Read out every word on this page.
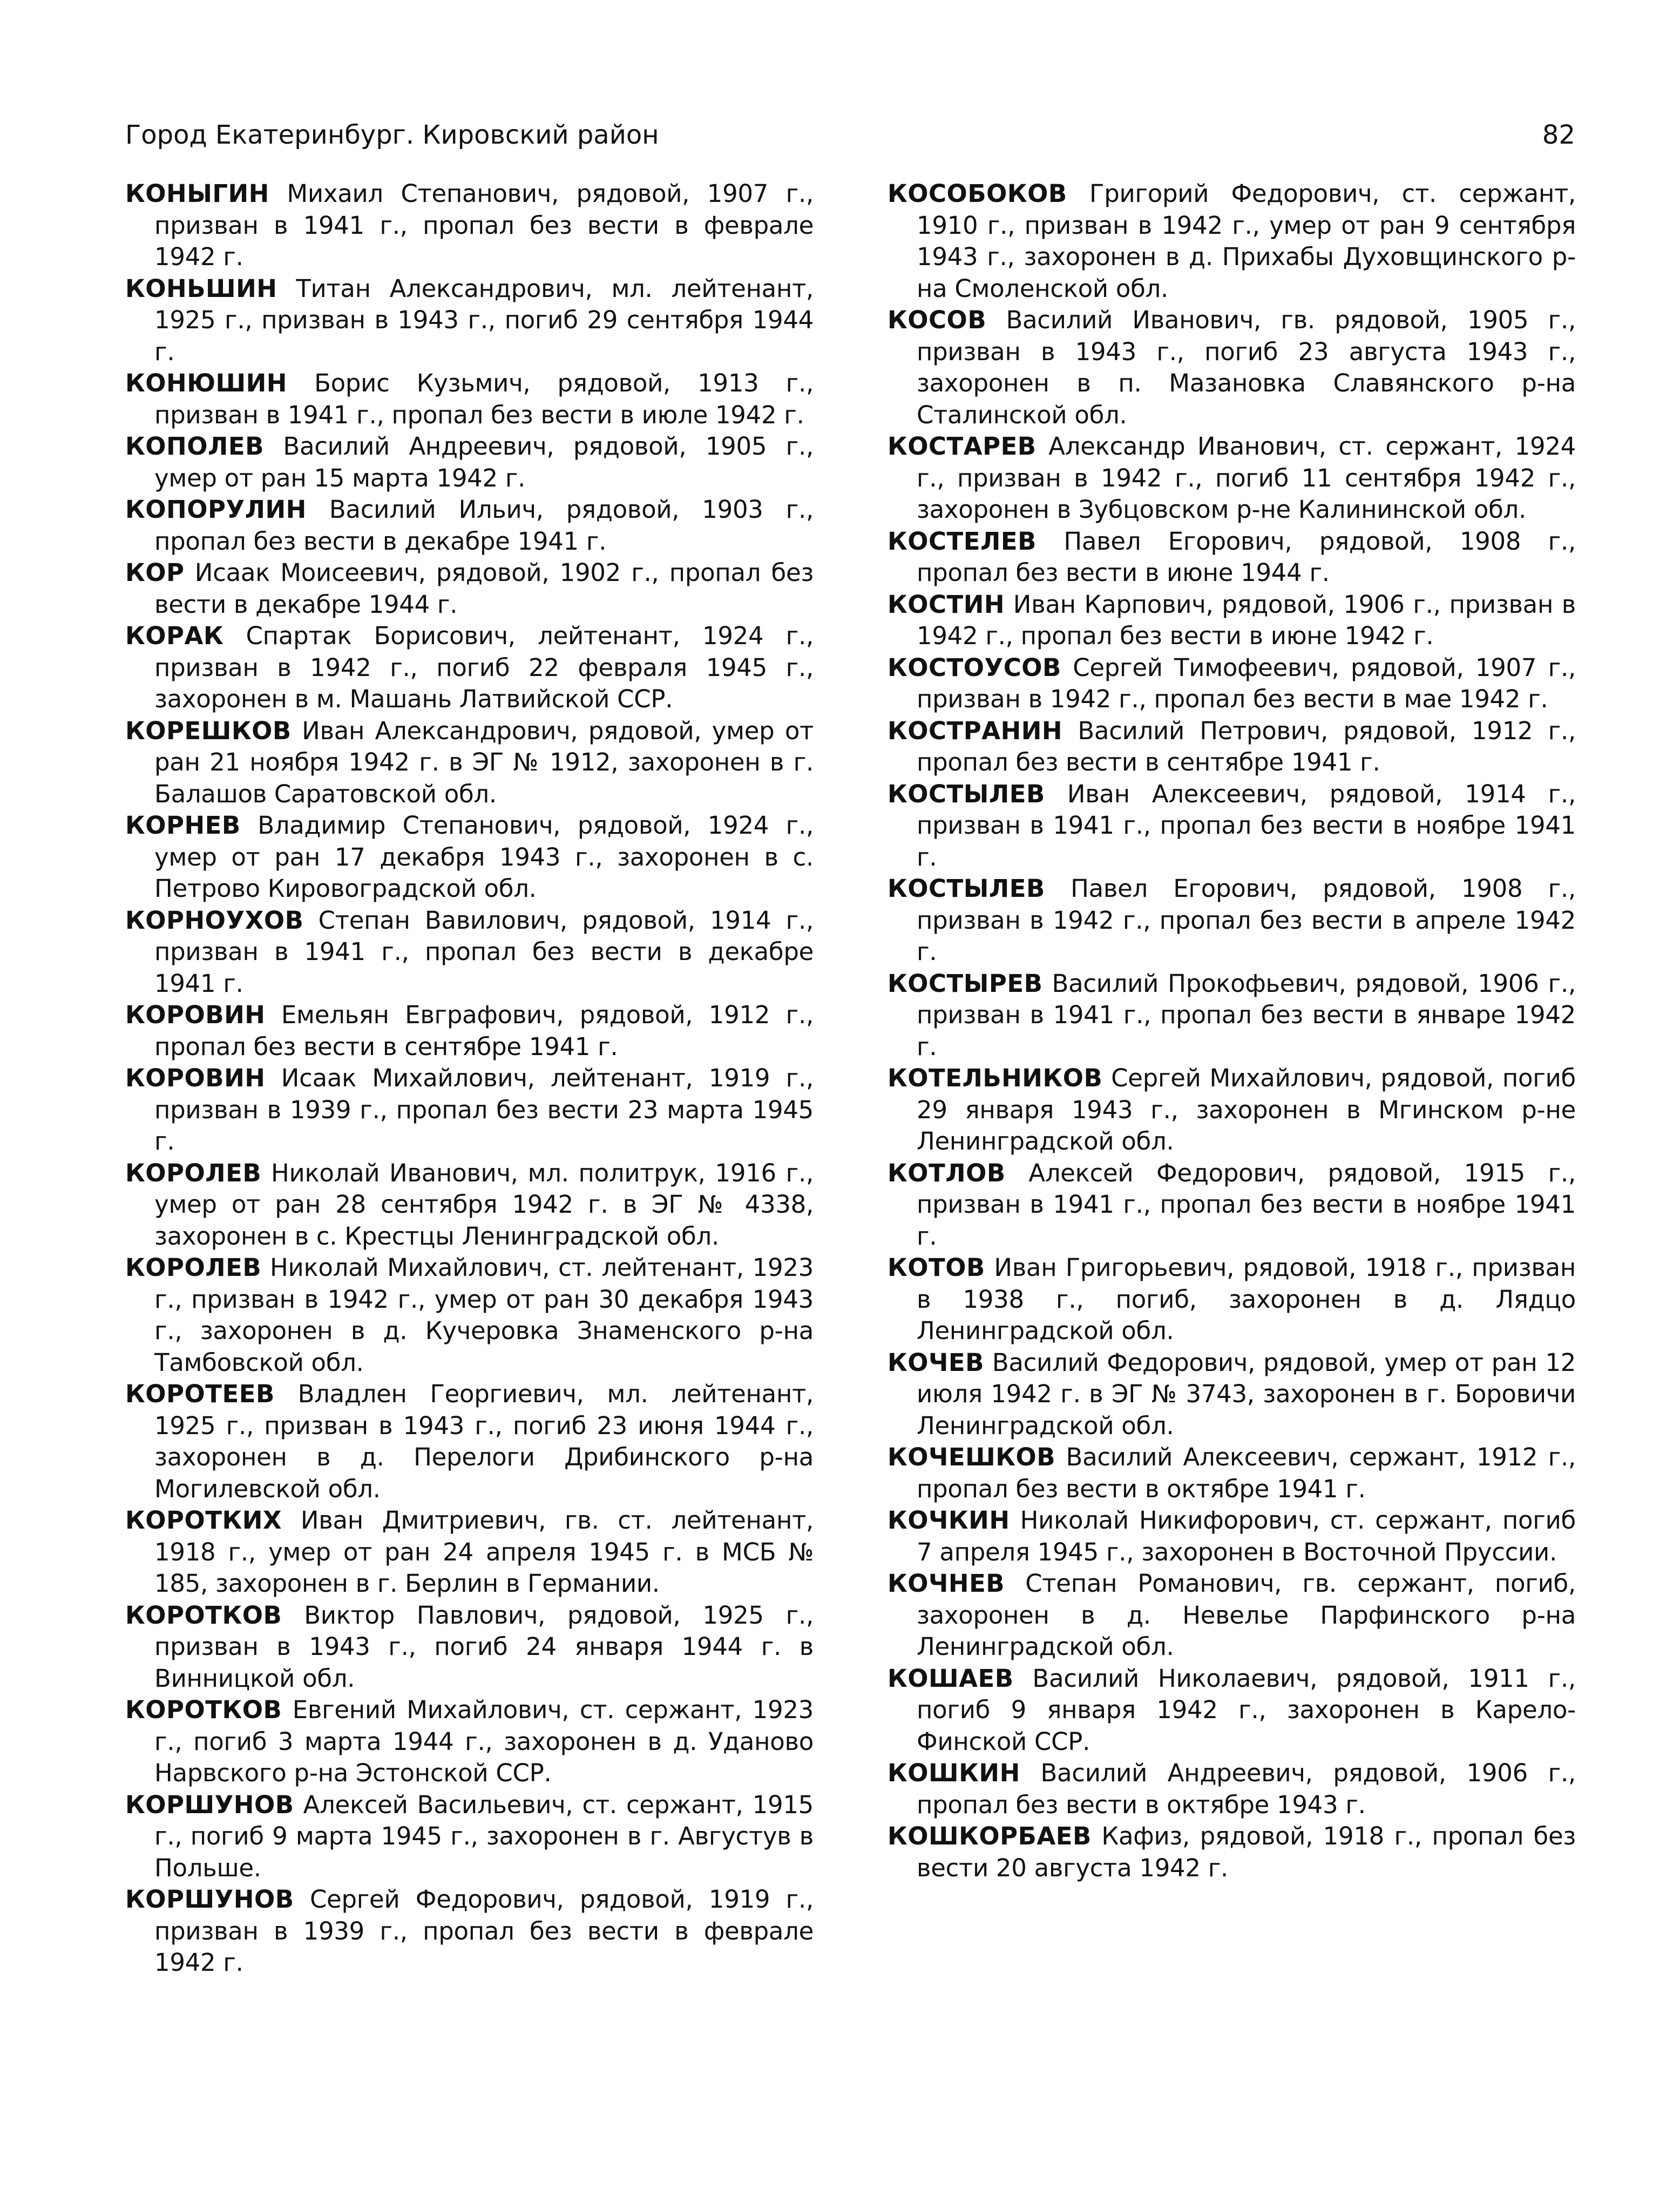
Город Екатеринбург. Кировский район	82

КОНЫГИН Михаил Степанович, рядовой, 1907 г., призван в 1941 г., пропал без вести в феврале 1942 г.

КОНЬШИН Титан Александрович, мл. лейтенант, 1925 г., призван в 1943 г., погиб 29 сентября 1944 г.

КОНЮШИН Борис Кузьмич, рядовой, 1913 г., призван в 1941 г., пропал без вести в июле 1942 г.

КОПОЛЕВ Василий Андреевич, рядовой, 1905 г., умер от ран 15 марта 1942 г.

КОПОРУЛИН Василий Ильич, рядовой, 1903 г., пропал без вести в декабре 1941 г.

КОР Исаак Моисеевич, рядовой, 1902 г., пропал без вести в декабре 1944 г.

КОРАК Спартак Борисович, лейтенант, 1924 г., призван в 1942 г., погиб 22 февраля 1945 г., захоронен в м. Машань Латвийской ССР.

КОРЕШКОВ Иван Александрович, рядовой, умер от ран 21 ноября 1942 г. в ЭГ № 1912, захоронен в г. Балашов Саратовской обл.

КОРНЕВ Владимир Степанович, рядовой, 1924 г., умер от ран 17 декабря 1943 г., захоронен в с. Петрово Кировоградской обл.

КОРНОУХОВ Степан Вавилович, рядовой, 1914 г., призван в 1941 г., пропал без вести в декабре 1941 г.

КОРОВИН Емельян Евграфович, рядовой, 1912 г., пропал без вести в сентябре 1941 г.

КОРОВИН Исаак Михайлович, лейтенант, 1919 г., призван в 1939 г., пропал без вести 23 марта 1945 г.

КОРОЛЕВ Николай Иванович, мл. политрук, 1916 г., умер от ран 28 сентября 1942 г. в ЭГ № 4338, захоронен в с. Крестцы Ленинградской обл.

КОРОЛЕВ Николай Михайлович, ст. лейтенант, 1923 г., призван в 1942 г., умер от ран 30 декабря 1943 г., захоронен в д. Кучеровка Знаменского р-на Тамбовской обл.

КОРОТЕЕВ Владлен Георгиевич, мл. лейтенант, 1925 г., призван в 1943 г., погиб 23 июня 1944 г., захоронен в д. Перелоги Дрибинского р-на Могилевской обл.

КОРОТКИХ Иван Дмитриевич, гв. ст. лейтенант, 1918 г., умер от ран 24 апреля 1945 г. в МСБ № 185, захоронен в г. Берлин в Германии.

КОРОТКОВ Виктор Павлович, рядовой, 1925 г., призван в 1943 г., погиб 24 января 1944 г. в Винницкой обл.

КОРОТКОВ Евгений Михайлович, ст. сержант, 1923 г., погиб 3 марта 1944 г., захоронен в д. Уданово Нарвского р-на Эстонской ССР.

КОРШУНОВ Алексей Васильевич, ст. сержант, 1915 г., погиб 9 марта 1945 г., захоронен в г. Августув в Польше.

КОРШУНОВ Сергей Федорович, рядовой, 1919 г., призван в 1939 г., пропал без вести в феврале 1942 г.

КОСОБОКОВ Григорий Федорович, ст. сержант, 1910 г., призван в 1942 г., умер от ран 9 сентября 1943 г., захоронен в д. Прихабы Духовщинского р-на Смоленской обл.

КОСОВ Василий Иванович, гв. рядовой, 1905 г., призван в 1943 г., погиб 23 августа 1943 г., захоронен в п. Мазановка Славянского р-на Сталинской обл.

КОСТАРЕВ Александр Иванович, ст. сержант, 1924 г., призван в 1942 г., погиб 11 сентября 1942 г., захоронен в Зубцовском р-не Калининской обл.

КОСТЕЛЕВ Павел Егорович, рядовой, 1908 г., пропал без вести в июне 1944 г.

КОСТИН Иван Карпович, рядовой, 1906 г., призван в 1942 г., пропал без вести в июне 1942 г.

КОСТОУСОВ Сергей Тимофеевич, рядовой, 1907 г., призван в 1942 г., пропал без вести в мае 1942 г.

КОСТРАНИН Василий Петрович, рядовой, 1912 г., пропал без вести в сентябре 1941 г.

КОСТЫЛЕВ Иван Алексеевич, рядовой, 1914 г., призван в 1941 г., пропал без вести в ноябре 1941 г.

КОСТЫЛЕВ Павел Егорович, рядовой, 1908 г., призван в 1942 г., пропал без вести в апреле 1942 г.

КОСТЫРЕВ Василий Прокофьевич, рядовой, 1906 г., призван в 1941 г., пропал без вести в январе 1942 г.

КОТЕЛЬНИКОВ Сергей Михайлович, рядовой, погиб 29 января 1943 г., захоронен в Мгинском р-не Ленинградской обл.

КОТЛОВ Алексей Федорович, рядовой, 1915 г., призван в 1941 г., пропал без вести в ноябре 1941 г.

КОТОВ Иван Григорьевич, рядовой, 1918 г., призван в 1938 г., погиб, захоронен в д. Лядцо Ленинградской обл.

КОЧЕВ Василий Федорович, рядовой, умер от ран 12 июля 1942 г. в ЭГ № 3743, захоронен в г. Боровичи Ленинградской обл.

КОЧЕШКОВ Василий Алексеевич, сержант, 1912 г., пропал без вести в октябре 1941 г.

КОЧКИН Николай Никифорович, ст. сержант, погиб 7 апреля 1945 г., захоронен в Восточной Пруссии.

КОЧНЕВ Степан Романович, гв. сержант, погиб, захоронен в д. Невелье Парфинского р-на Ленинградской обл.

КОШАЕВ Василий Николаевич, рядовой, 1911 г., погиб 9 января 1942 г., захоронен в Карело-Финской ССР.

КОШКИН Василий Андреевич, рядовой, 1906 г., пропал без вести в октябре 1943 г.

КОШКОРБАЕВ Кафиз, рядовой, 1918 г., пропал без вести 20 августа 1942 г.
